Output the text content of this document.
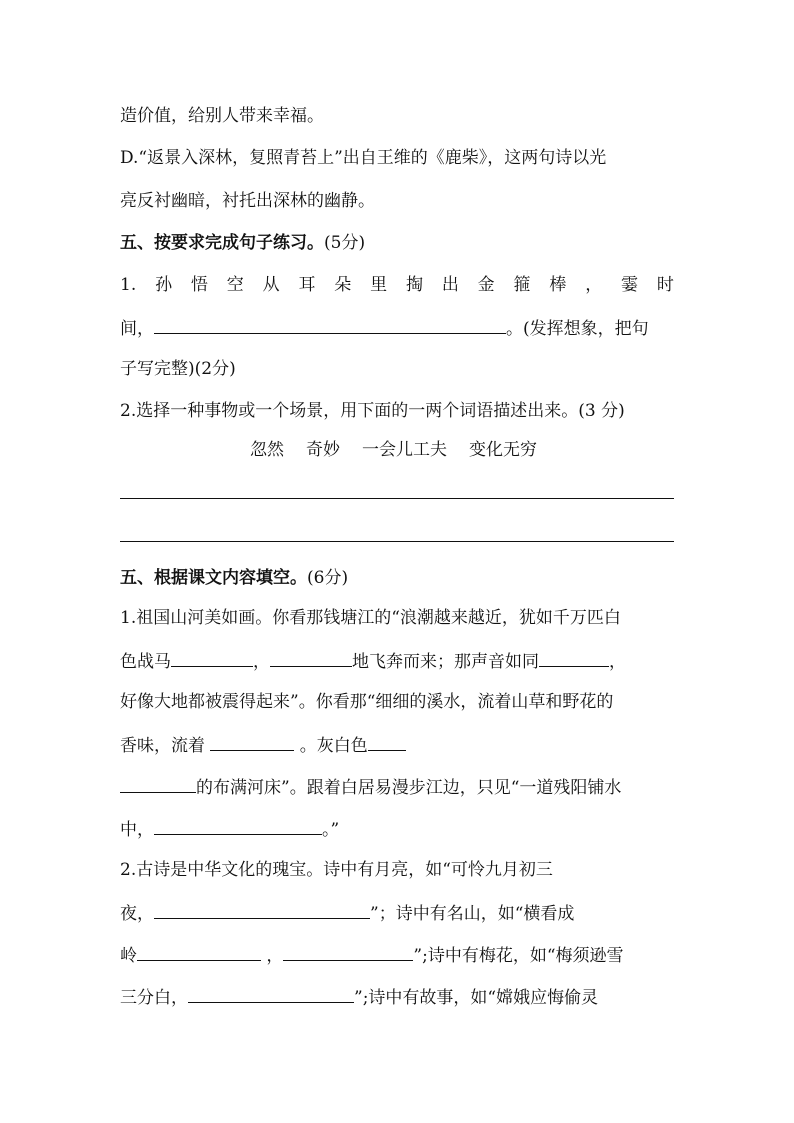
造价值，给别人带来幸福。
D.“返景入深林，复照青苔上”出自王维的《鹿柴》，这两句诗以光
亮反衬幽暗，衬托出深林的幽静。
五、按要求完成句子练习。(5分)
1. 孙 悟 空 从 耳 朵 里 掏 出 金 箍 棒 ， 霎 时
间，	。(发挥想象，把句
子写完整)(2分)
2.选择一种事物或一个场景，用下面的一两个词语描述出来。(3 分)
忽然 奇妙 一会儿工夫 变化无穷
五、根据课文内容填空。(6分)
1.祖国山河美如画。你看那钱塘江的“浪潮越来越近，犹如千万匹白
色战马	，	地飞奔而来；那声音如同	，
好像大地都被震得起来”。你看那“细细的溪水，流着山草和野花的
香味，流着	。灰白色
的布满河床”。跟着白居易漫步江边，只见“一道残阳铺水
中，	。”
2.古诗是中华文化的瑰宝。诗中有月亮，如“可怜九月初三
夜，	”；诗中有名山，如“横看成
岭	，	”;诗中有梅花，如“梅须逊雪
三分白，	”;诗中有故事，如“嫦娥应悔偷灵
